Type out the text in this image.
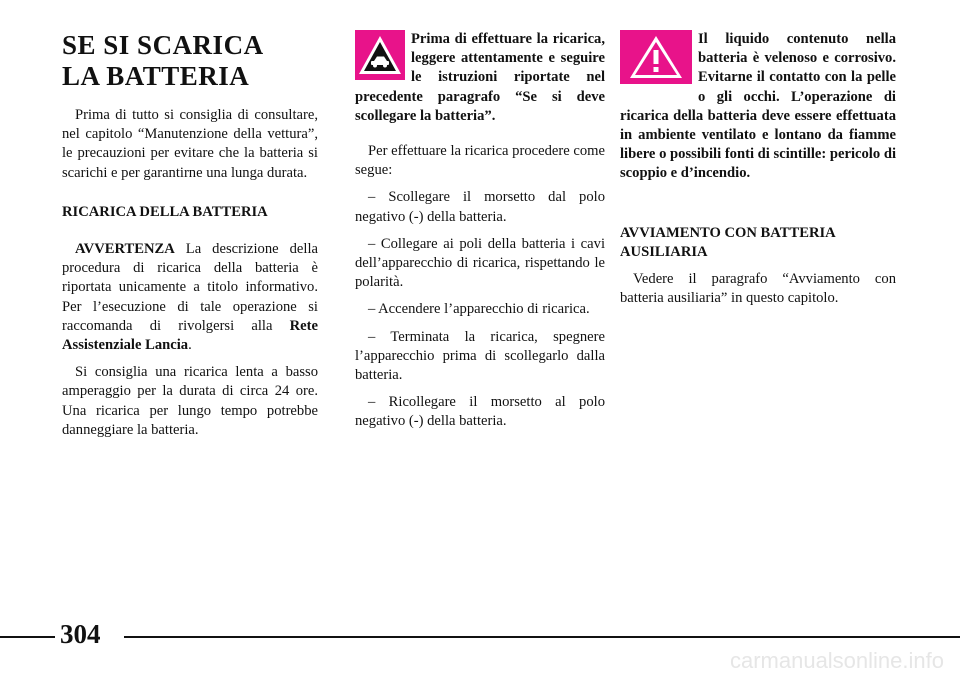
SE SI SCARICA
LA BATTERIA

Prima di tutto si consiglia di consultare, nel capitolo “Manutenzione della vettura”, le precauzioni per evitare che la batteria si scarichi e per garantirne una lunga durata.

RICARICA DELLA BATTERIA

AVVERTENZA La descrizione della procedura di ricarica della batteria è riportata unicamente a titolo informativo. Per l’esecuzione di tale operazione si raccomanda di rivolgersi alla Rete Assistenziale Lancia.

Si consiglia una ricarica lenta a basso amperaggio per la durata di circa 24 ore. Una ricarica per lungo tempo potrebbe danneggiare la batteria.

Prima di effettuare la ricarica, leggere attentamente e seguire le istruzioni riportate nel precedente paragrafo “Se si deve scollegare la batteria”.

Per effettuare la ricarica procedere come segue:

– Scollegare il morsetto dal polo negativo (-) della batteria.

– Collegare ai poli della batteria i cavi dell’apparecchio di ricarica, rispettando le polarità.

– Accendere l’apparecchio di ricarica.

– Terminata la ricarica, spegnere l’apparecchio prima di scollegarlo dalla batteria.

– Ricollegare il morsetto al polo negativo (-) della batteria.

Il liquido contenuto nella batteria è velenoso e corrosivo. Evitarne il contatto con la pelle o gli occhi. L’operazione di ricarica della batteria deve essere effettuata in ambiente ventilato e lontano da fiamme libere o possibili fonti di scintille: pericolo di scoppio e d’incendio.

AVVIAMENTO CON BATTERIA AUSILIARIA

Vedere il paragrafo “Avviamento con batteria ausiliaria” in questo capitolo.

304
carmanualsonline.info
